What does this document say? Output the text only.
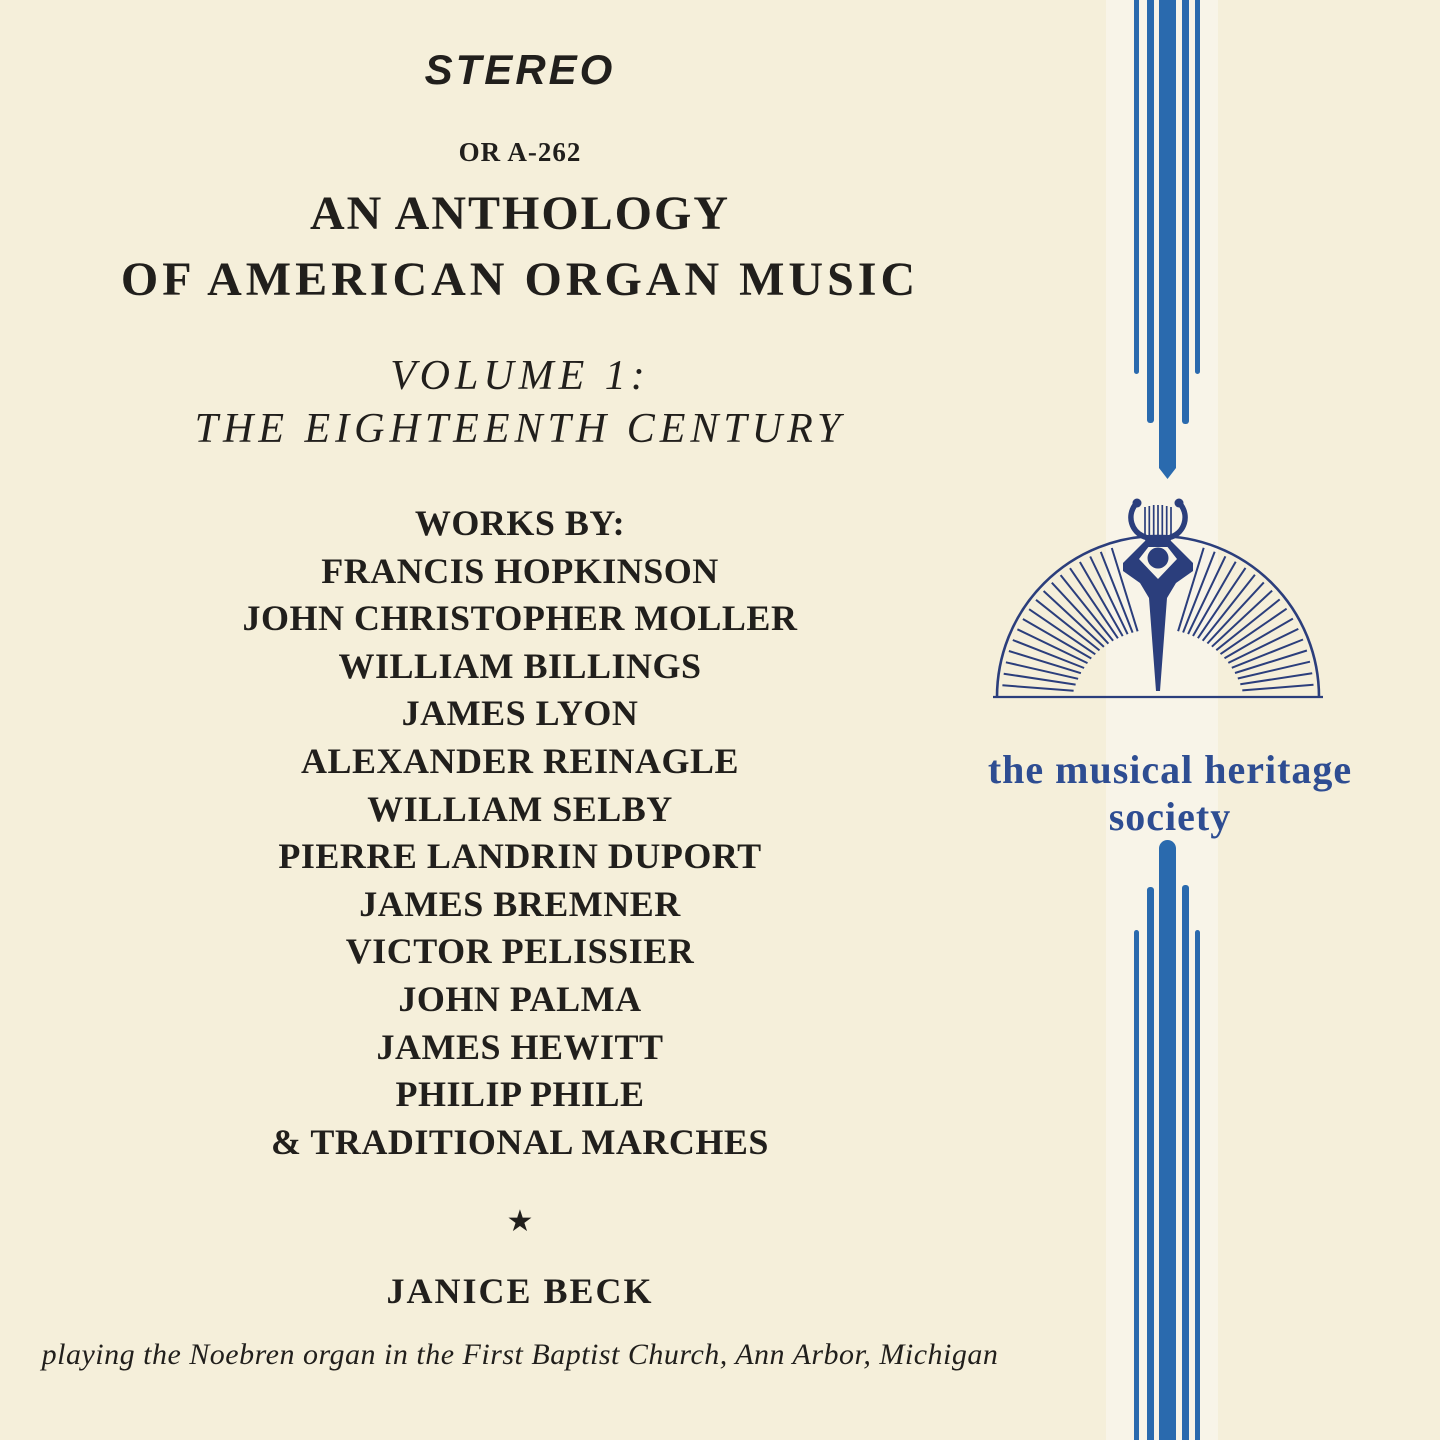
the musical heritage society
STEREO
OR A-262
AN ANTHOLOGY
OF AMERICAN ORGAN MUSIC
VOLUME 1:
THE EIGHTEENTH CENTURY
WORKS BY:
FRANCIS HOPKINSON
JOHN CHRISTOPHER MOLLER
WILLIAM BILLINGS
JAMES LYON
ALEXANDER REINAGLE
WILLIAM SELBY
PIERRE LANDRIN DUPORT
JAMES BREMNER
VICTOR PELISSIER
JOHN PALMA
JAMES HEWITT
PHILIP PHILE
& TRADITIONAL MARCHES
★
JANICE BECK
playing the Noebren organ in the First Baptist Church, Ann Arbor, Michigan
